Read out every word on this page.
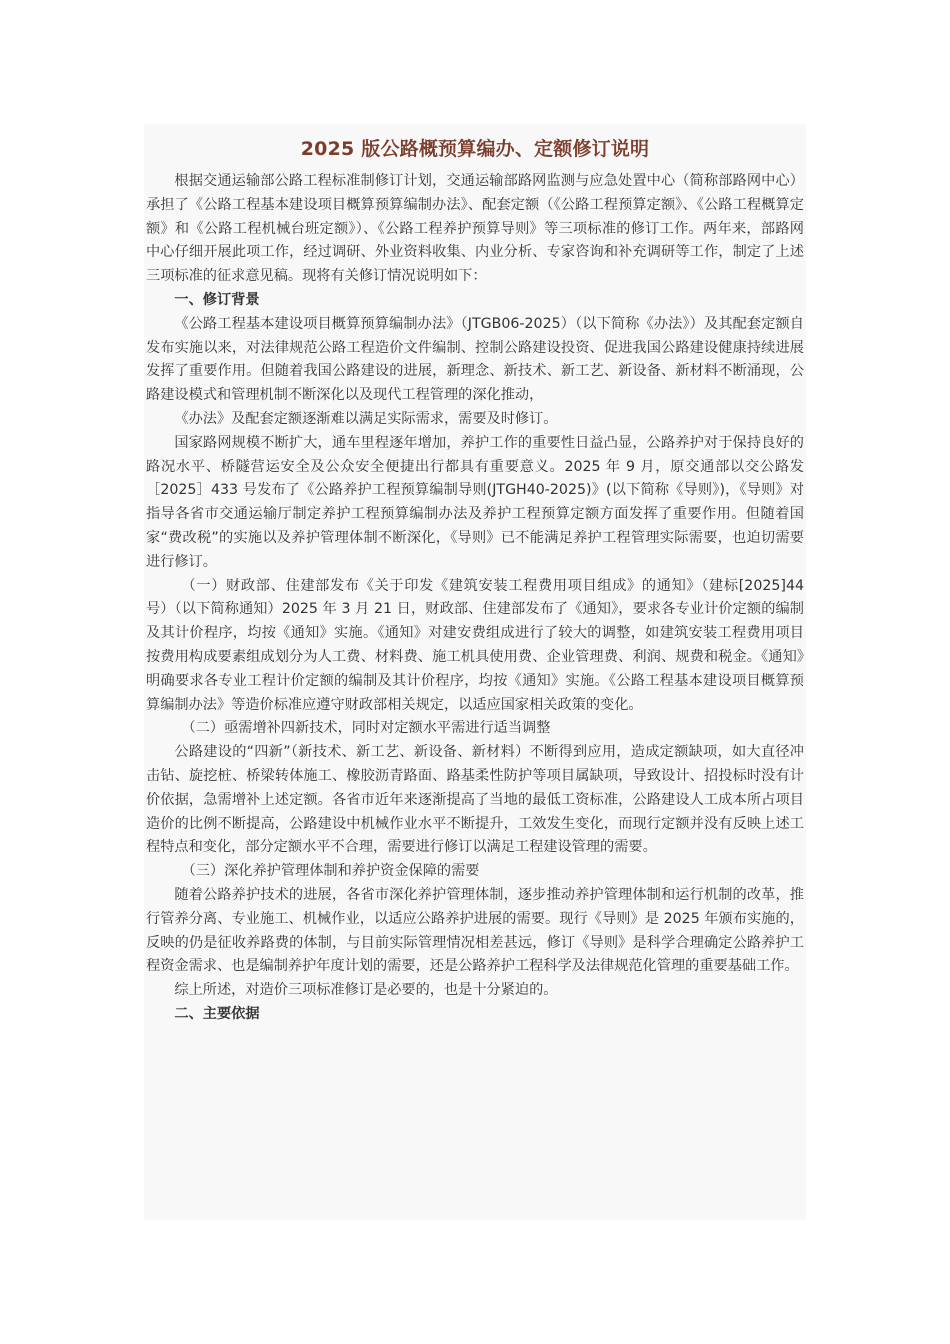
2025 版公路概预算编办、定额修订说明

根据交通运输部公路工程标准制修订计划，交通运输部路网监测与应急处置中心（简称部路网中心）承担了《公路工程基本建设项目概算预算编制办法》、配套定额（《公路工程预算定额》、《公路工程概算定额》和《公路工程机械台班定额》）、《公路工程养护预算导则》等三项标准的修订工作。两年来，部路网中心仔细开展此项工作，经过调研、外业资料收集、内业分析、专家咨询和补充调研等工作，制定了上述三项标准的征求意见稿。现将有关修订情况说明如下：

一、修订背景

《公路工程基本建设项目概算预算编制办法》（JTGB06-2025）（以下简称《办法》）及其配套定额自发布实施以来，对法律规范公路工程造价文件编制、控制公路建设投资、促进我国公路建设健康持续进展发挥了重要作用。但随着我国公路建设的进展，新理念、新技术、新工艺、新设备、新材料不断涌现，公路建设模式和管理机制不断深化以及现代工程管理的深化推动，

《办法》及配套定额逐渐难以满足实际需求，需要及时修订。

国家路网规模不断扩大，通车里程逐年增加，养护工作的重要性日益凸显，公路养护对于保持良好的路况水平、桥隧营运安全及公众安全便捷出行都具有重要意义。2025 年 9 月，原交通部以交公路发［2025］433 号发布了《公路养护工程预算编制导则(JTGH40-2025)》(以下简称《导则》)，《导则》对指导各省市交通运输厅制定养护工程预算编制办法及养护工程预算定额方面发挥了重要作用。但随着国家“费改税”的实施以及养护管理体制不断深化，《导则》已不能满足养护工程管理实际需要，也迫切需要进行修订。

（一）财政部、住建部发布《关于印发《建筑安装工程费用项目组成》的通知》（建标[2025]44 号）（以下简称通知）2025 年 3 月 21 日，财政部、住建部发布了《通知》，要求各专业计价定额的编制及其计价程序，均按《通知》实施。《通知》对建安费组成进行了较大的调整，如建筑安装工程费用项目按费用构成要素组成划分为人工费、材料费、施工机具使用费、企业管理费、利润、规费和税金。《通知》明确要求各专业工程计价定额的编制及其计价程序，均按《通知》实施。《公路工程基本建设项目概算预算编制办法》等造价标准应遵守财政部相关规定，以适应国家相关政策的变化。

（二）亟需增补四新技术，同时对定额水平需进行适当调整

公路建设的“四新”（新技术、新工艺、新设备、新材料）不断得到应用，造成定额缺项，如大直径冲击钻、旋挖桩、桥梁转体施工、橡胶沥青路面、路基柔性防护等项目属缺项，导致设计、招投标时没有计价依据，急需增补上述定额。各省市近年来逐渐提高了当地的最低工资标准，公路建设人工成本所占项目造价的比例不断提高，公路建设中机械作业水平不断提升，工效发生变化，而现行定额并没有反映上述工程特点和变化，部分定额水平不合理，需要进行修订以满足工程建设管理的需要。

（三）深化养护管理体制和养护资金保障的需要

随着公路养护技术的进展，各省市深化养护管理体制，逐步推动养护管理体制和运行机制的改革，推行管养分离、专业施工、机械作业，以适应公路养护进展的需要。现行《导则》是 2025 年颁布实施的，反映的仍是征收养路费的体制，与目前实际管理情况相差甚远，修订《导则》是科学合理确定公路养护工程资金需求、也是编制养护年度计划的需要，还是公路养护工程科学及法律规范化管理的重要基础工作。

综上所述，对造价三项标准修订是必要的，也是十分紧迫的。

二、主要依据
